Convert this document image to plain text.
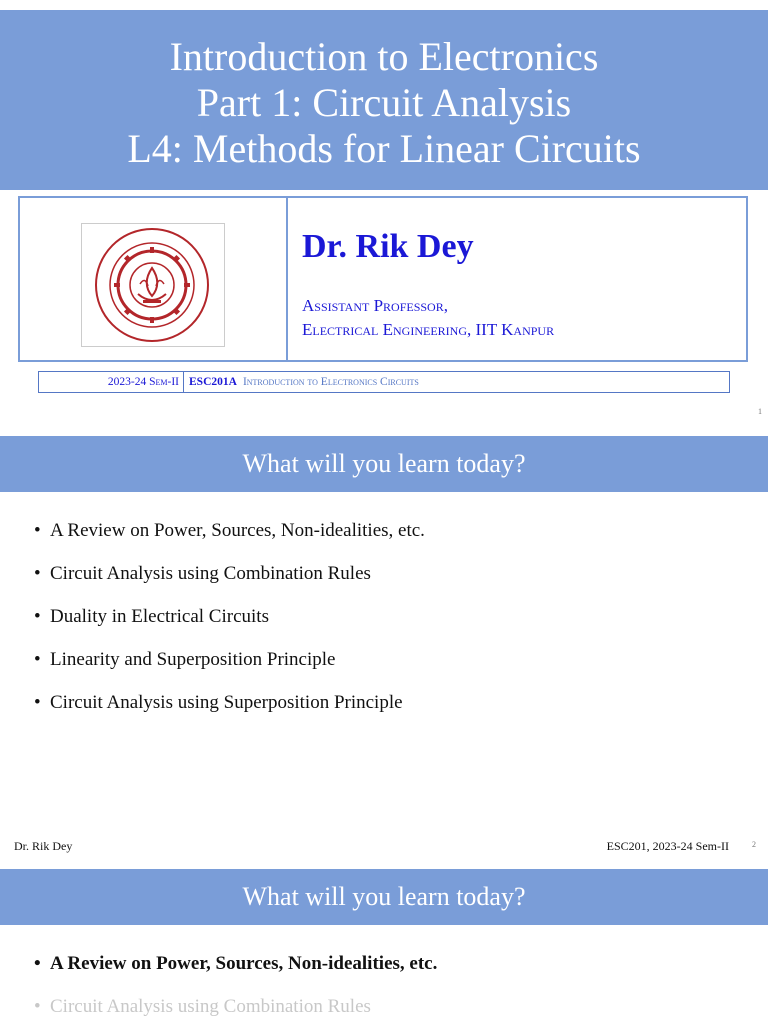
Introduction to Electronics
Part 1: Circuit Analysis
L4: Methods for Linear Circuits
Dr. Rik Dey
Assistant Professor,
Electrical Engineering, IIT Kanpur
2023-24 Sem-II ESC201A Introduction to Electronics Circuits
1
What will you learn today?
• A Review on Power, Sources, Non-idealities, etc.
• Circuit Analysis using Combination Rules
• Duality in Electrical Circuits
• Linearity and Superposition Principle
• Circuit Analysis using Superposition Principle
Dr. Rik Dey	ESC201, 2023-24 Sem-II	2
What will you learn today?
• A Review on Power, Sources, Non-idealities, etc.
• Circuit Analysis using Combination Rules
